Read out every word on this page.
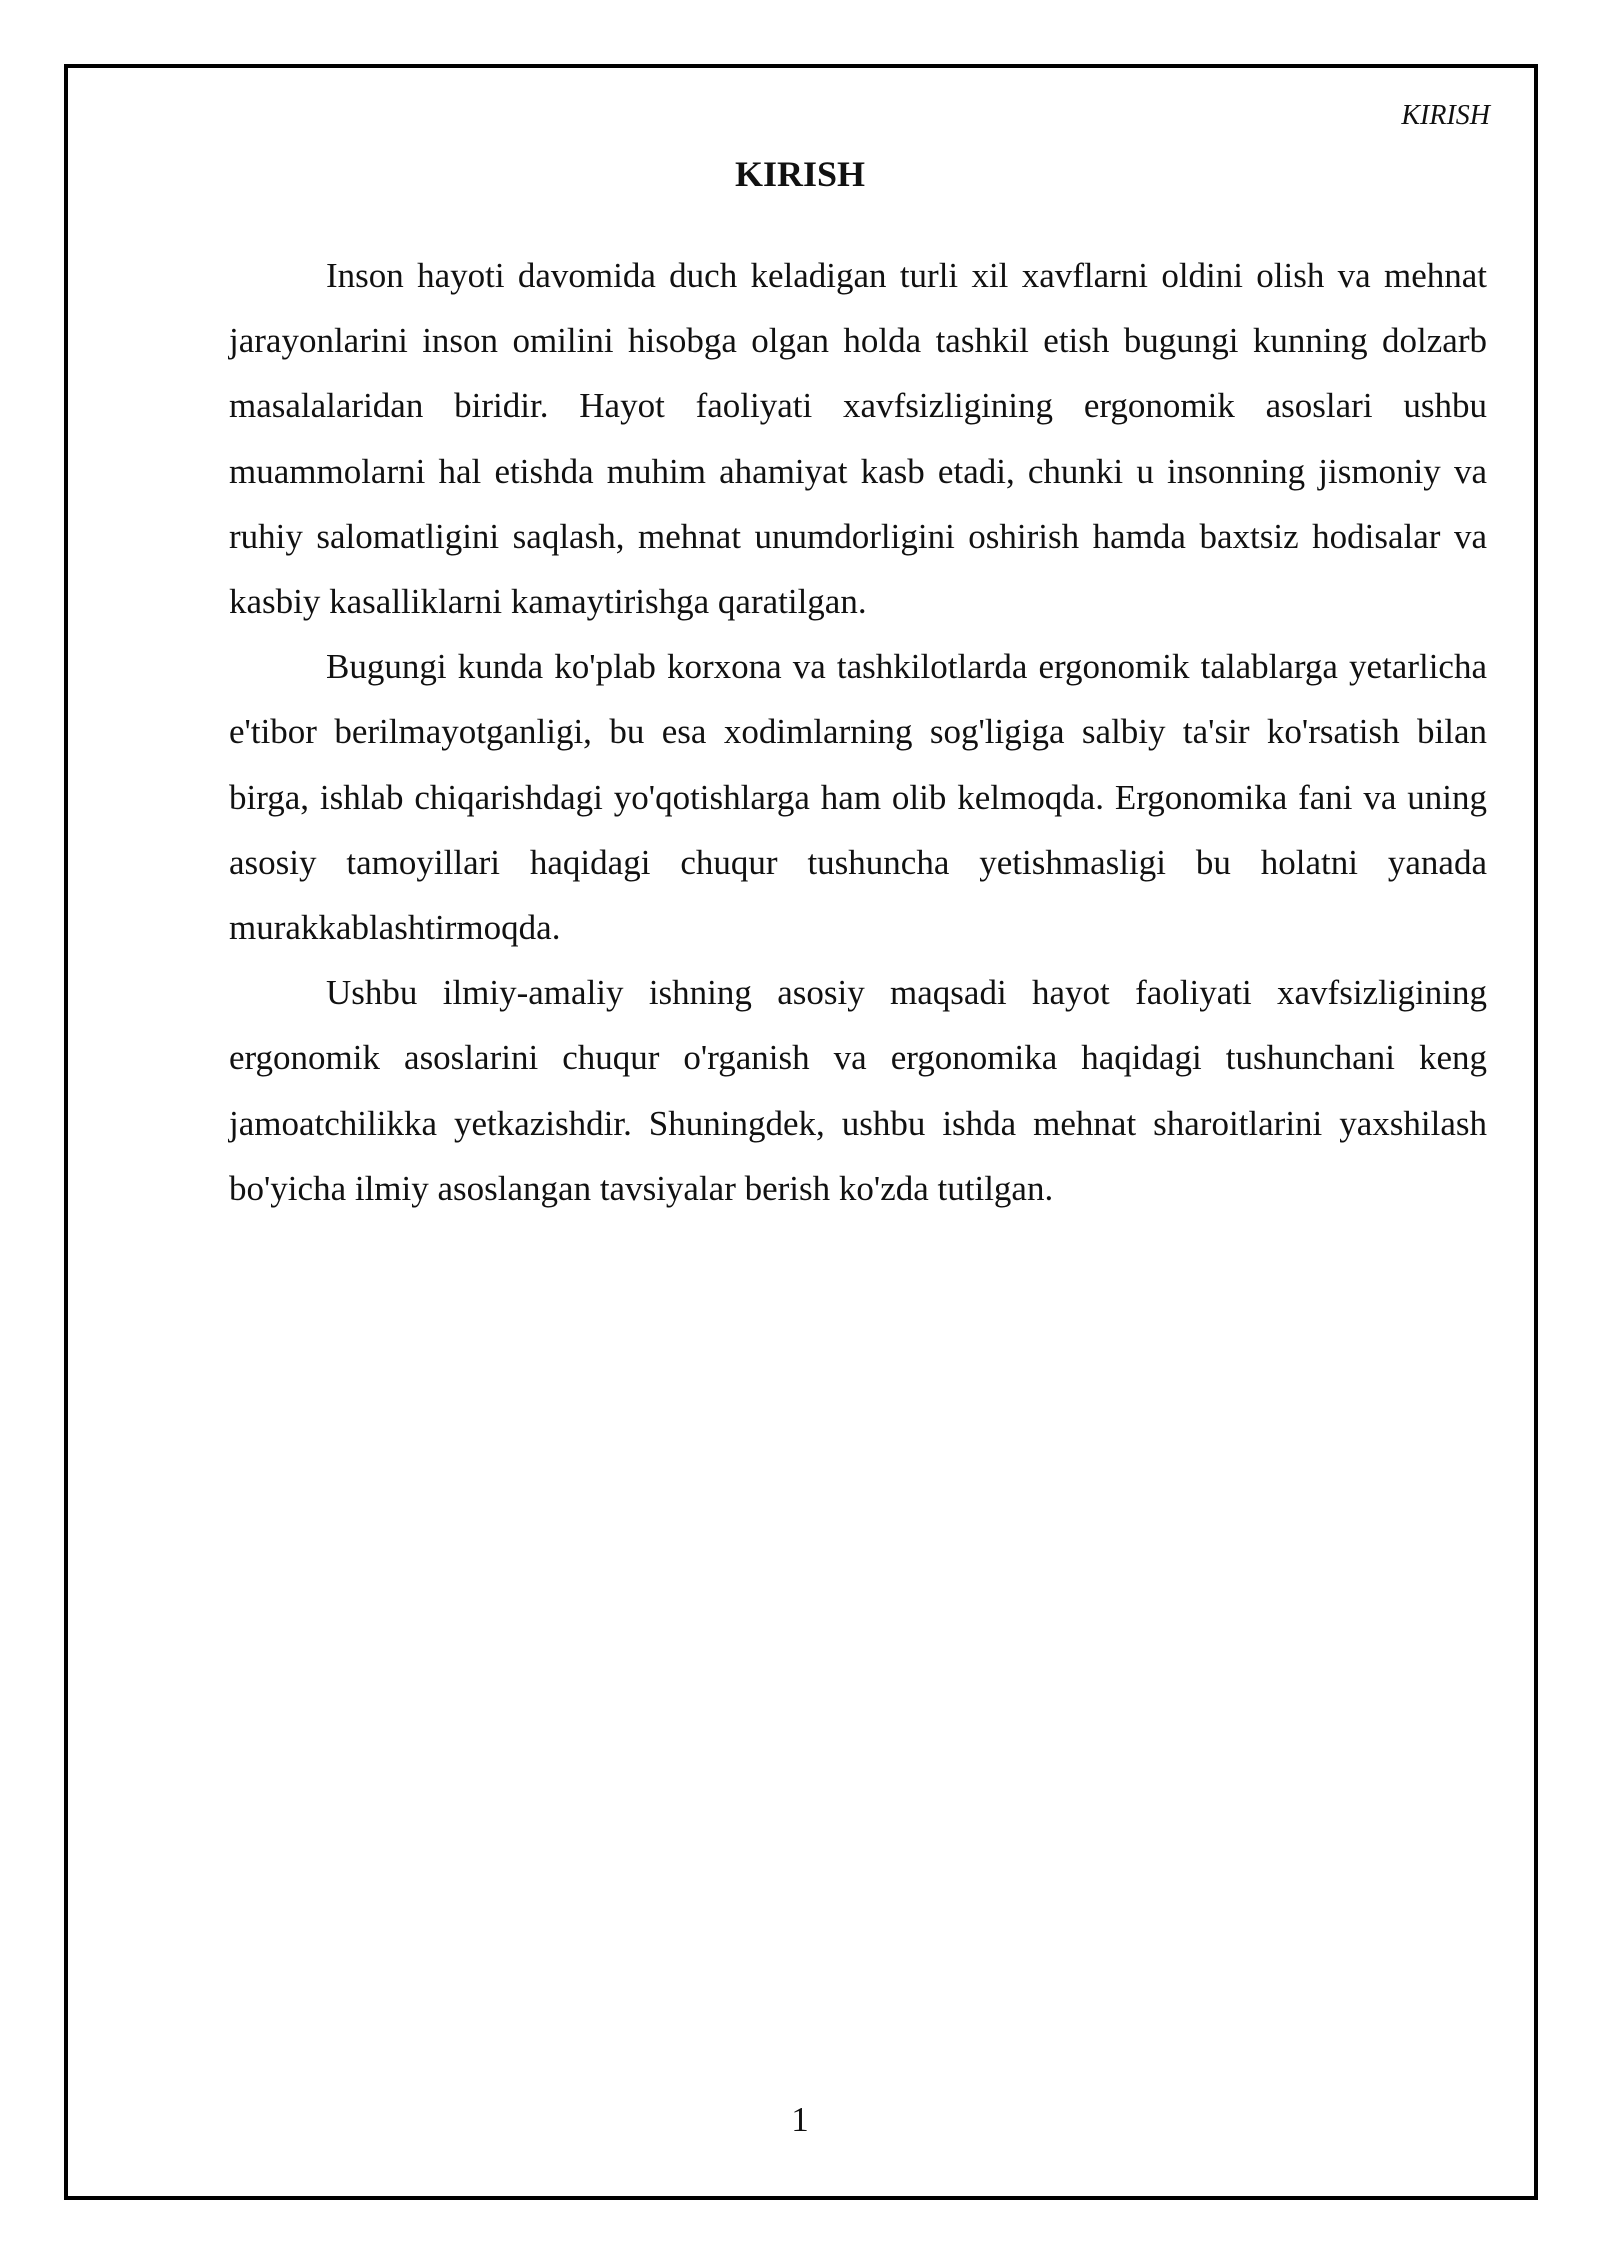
KIRISH
KIRISH

Inson hayoti davomida duch keladigan turli xil xavflarni oldini olish va mehnat jarayonlarini inson omilini hisobga olgan holda tashkil etish bugungi kunning dolzarb masalalaridan biridir. Hayot faoliyati xavfsizligining ergonomik asoslari ushbu muammolarni hal etishda muhim ahamiyat kasb etadi, chunki u insonning jismoniy va ruhiy salomatligini saqlash, mehnat unumdorligini oshirish hamda baxtsiz hodisalar va kasbiy kasalliklarni kamaytirishga qaratilgan.

Bugungi kunda ko'plab korxona va tashkilotlarda ergonomik talablarga yetarlicha e'tibor berilmayotganligi, bu esa xodimlarning sog'ligiga salbiy ta'sir ko'rsatish bilan birga, ishlab chiqarishdagi yo'qotishlarga ham olib kelmoqda. Ergonomika fani va uning asosiy tamoyillari haqidagi chuqur tushuncha yetishmasligi bu holatni yanada murakkablashtirmoqda.

Ushbu ilmiy-amaliy ishning asosiy maqsadi hayot faoliyati xavfsizligining ergonomik asoslarini chuqur o'rganish va ergonomika haqidagi tushunchani keng jamoatchilikka yetkazishdir. Shuningdek, ushbu ishda mehnat sharoitlarini yaxshilash bo'yicha ilmiy asoslangan tavsiyalar berish ko'zda tutilgan.

1
